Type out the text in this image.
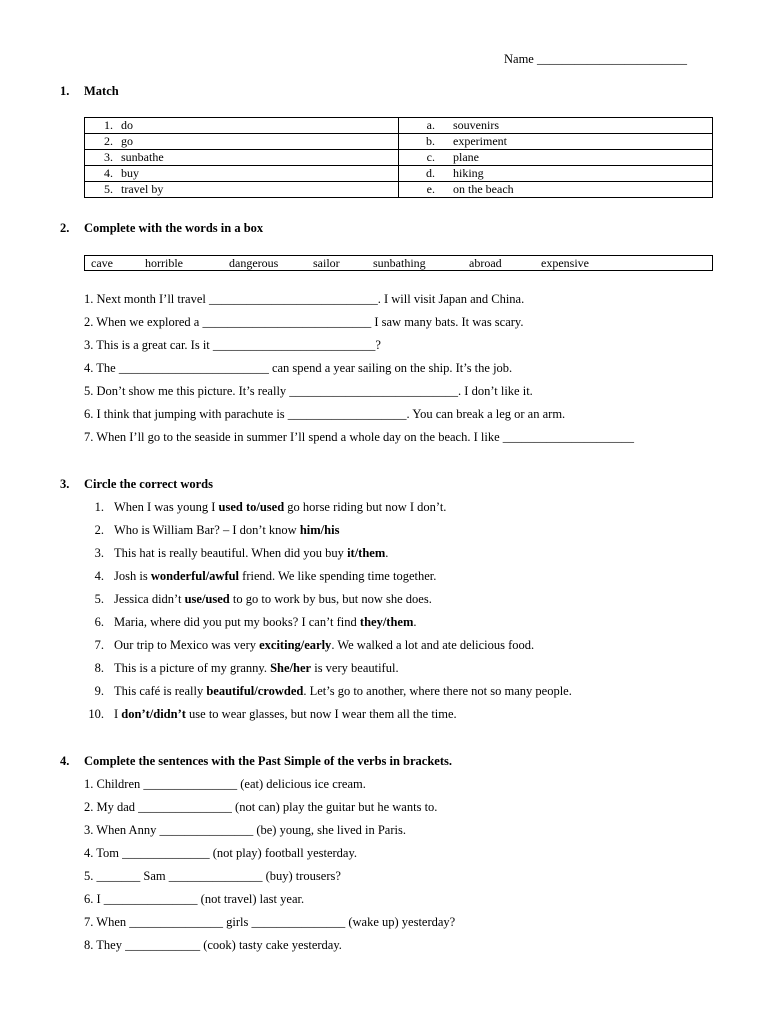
Name ________________________
1. Match
1. do	a. souvenirs
2. go	b. experiment
3. sunbathe	c. plane
4. buy	d. hiking
5. travel by	e. on the beach
2. Complete with the words in a box
cave	horrible	dangerous	sailor	sunbathing	abroad	expensive
1. Next month I’ll travel ___________________________. I will visit Japan and China.
2. When we explored a ___________________________ I saw many bats. It was scary.
3. This is a great car. Is it __________________________?
4. The ________________________ can spend a year sailing on the ship. It’s the job.
5. Don’t show me this picture. It’s really ___________________________. I don’t like it.
6. I think that jumping with parachute is ___________________. You can break a leg or an arm.
7. When I’ll go to the seaside in summer I’ll spend a whole day on the beach. I like _____________________
3. Circle the correct words
1. When I was young I used to/used go horse riding but now I don’t.
2. Who is William Bar? – I don’t know him/his
3. This hat is really beautiful. When did you buy it/them.
4. Josh is wonderful/awful friend. We like spending time together.
5. Jessica didn’t use/used to go to work by bus, but now she does.
6. Maria, where did you put my books? I can’t find they/them.
7. Our trip to Mexico was very exciting/early. We walked a lot and ate delicious food.
8. This is a picture of my granny. She/her is very beautiful.
9. This café is really beautiful/crowded. Let’s go to another, where there not so many people.
10. I don’t/didn’t use to wear glasses, but now I wear them all the time.
4. Complete the sentences with the Past Simple of the verbs in brackets.
1. Children _______________ (eat) delicious ice cream.
2. My dad _______________ (not can) play the guitar but he wants to.
3. When Anny _______________ (be) young, she lived in Paris.
4. Tom ______________ (not play) football yesterday.
5. _______ Sam _______________ (buy) trousers?
6. I _______________ (not travel) last year.
7. When _______________ girls _______________ (wake up) yesterday?
8. They ____________ (cook) tasty cake yesterday.
